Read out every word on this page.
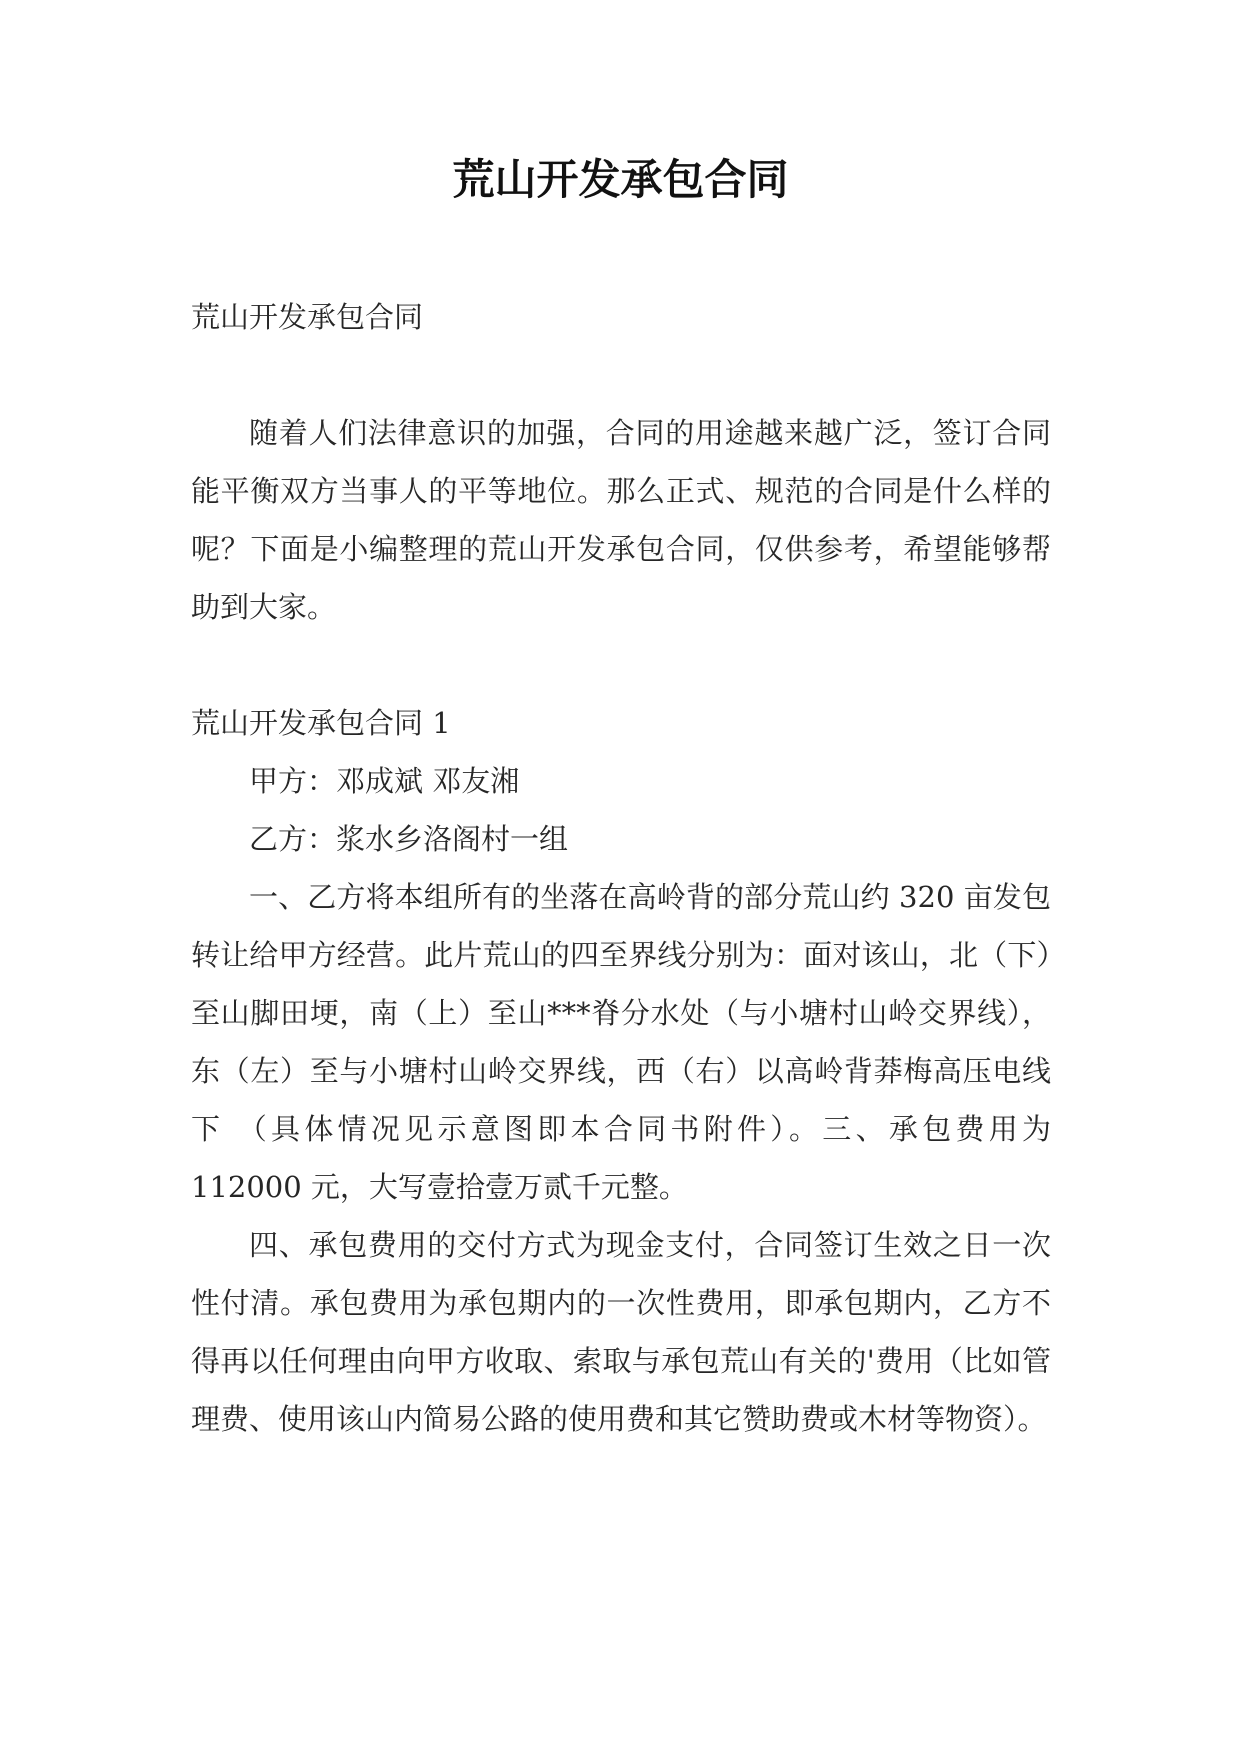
荒山开发承包合同

荒山开发承包合同

随着人们法律意识的加强，合同的用途越来越广泛，签订合同能平衡双方当事人的平等地位。那么正式、规范的合同是什么样的呢？下面是小编整理的荒山开发承包合同，仅供参考，希望能够帮助到大家。

荒山开发承包合同 1

甲方：邓成斌 邓友湘

乙方：浆水乡洛阁村一组

一、乙方将本组所有的坐落在高岭背的部分荒山约 320 亩发包转让给甲方经营。此片荒山的四至界线分别为：面对该山，北（下）至山脚田埂，南（上）至山***脊分水处（与小塘村山岭交界线），东（左）至与小塘村山岭交界线，西（右）以高岭背莽梅高压电线下 （具体情况见示意图即本合同书附件）。三、承包费用为 112000 元，大写壹拾壹万贰千元整。

四、承包费用的交付方式为现金支付，合同签订生效之日一次性付清。承包费用为承包期内的一次性费用，即承包期内，乙方不得再以任何理由向甲方收取、索取与承包荒山有关的'费用（比如管理费、使用该山内简易公路的使用费和其它赞助费或木材等物资）。
